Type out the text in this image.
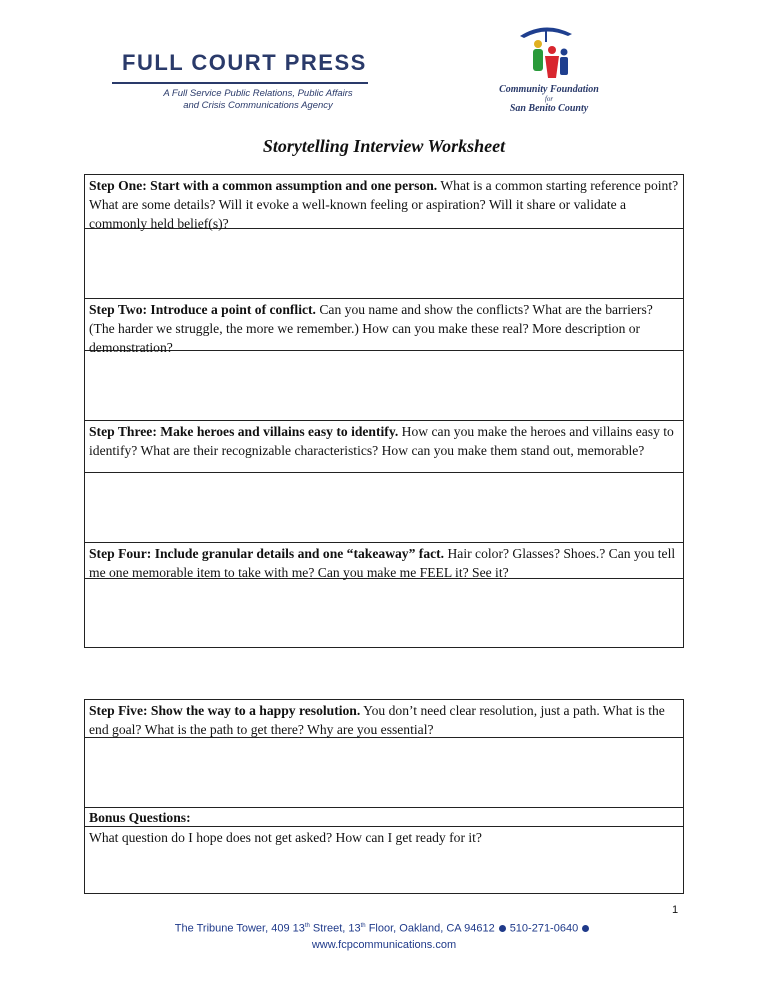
FULL COURT PRESS
A Full Service Public Relations, Public Affairs
and Crisis Communications Agency
Community Foundation
for
San Benito County
Storytelling Interview Worksheet
Step One: Start with a common assumption and one person. What is a common starting reference point? What are some details? Will it evoke a well-known feeling or aspiration? Will it share or validate a commonly held belief(s)?
Step Two: Introduce a point of conflict. Can you name and show the conflicts? What are the barriers? (The harder we struggle, the more we remember.) How can you make these real? More description or demonstration?
Step Three: Make heroes and villains easy to identify. How can you make the heroes and villains easy to identify? What are their recognizable characteristics? How can you make them stand out, memorable?
Step Four: Include granular details and one “takeaway” fact. Hair color? Glasses? Shoes.? Can you tell me one memorable item to take with me? Can you make me FEEL it? See it?
Step Five: Show the way to a happy resolution. You don’t need clear resolution, just a path. What is the end goal? What is the path to get there? Why are you essential?
Bonus Questions:
What question do I hope does not get asked? How can I get ready for it?
1
The Tribune Tower, 409 13th Street, 13th Floor, Oakland, CA 94612 510-271-0640
www.fcpcommunications.com
